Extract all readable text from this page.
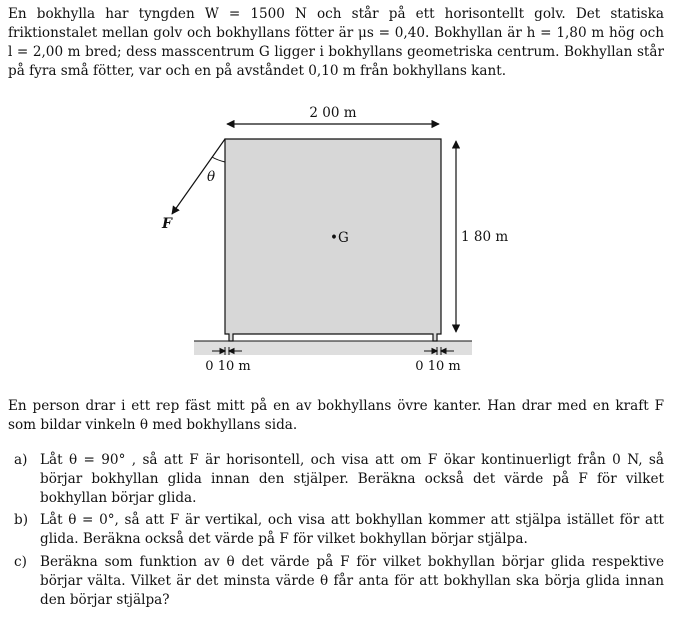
En bokhylla har tyngden W = 1500 N och står på ett horisontellt golv. Det statiska friktionstalet mellan golv och bokhyllans fötter är μs = 0,40. Bokhyllan är h = 1,80 m hög och l = 2,00 m bred; dess masscentrum G ligger i bokhyllans geometriska centrum. Bokhyllan står på fyra små fötter, var och en på avståndet 0,10 m från bokhyllans kant.
2 00 m
1 80 m
F
θ
•G
0 10 m	0 10 m
En person drar i ett rep fäst mitt på en av bokhyllans övre kanter. Han drar med en kraft F som bildar vinkeln θ med bokhyllans sida.
a) Låt θ = 90° , så att F är horisontell, och visa att om F ökar kontinuerligt från 0 N, så börjar bokhyllan glida innan den stjälper. Beräkna också det värde på F för vilket bokhyllan börjar glida.
b) Låt θ = 0°, så att F är vertikal, och visa att bokhyllan kommer att stjälpa istället för att glida. Beräkna också det värde på F för vilket bokhyllan börjar stjälpa.
c) Beräkna som funktion av θ det värde på F för vilket bokhyllan börjar glida respektive börjar välta. Vilket är det minsta värde θ får anta för att bokhyllan ska börja glida innan den börjar stjälpa?
